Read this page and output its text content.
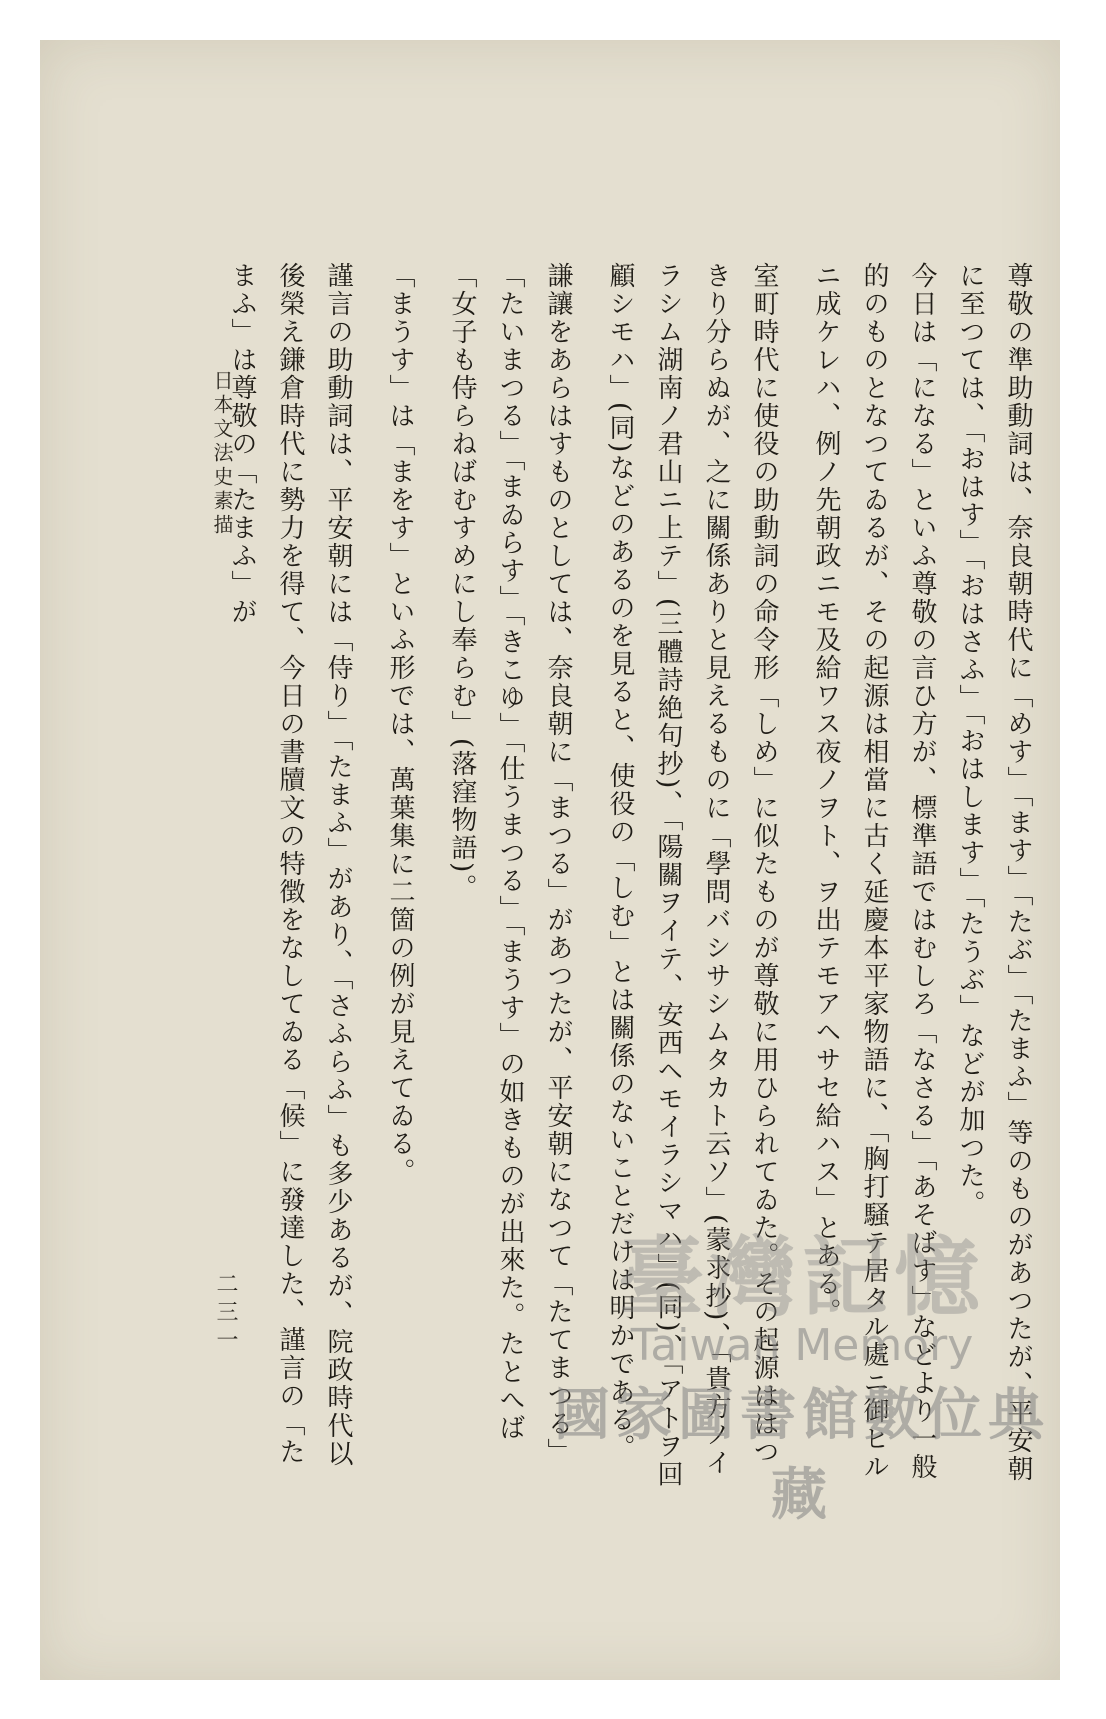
尊敬の準助動詞は、奈良朝時代に「めす」「ます」「たぶ」「たまふ」等のものがあつたが、平安朝に至つては、「おはす」「おはさふ」「おはします」「たうぶ」などが加つた。

今日は「になる」といふ尊敬の言ひ方が、標準語ではむしろ「なさる」「あそばす」などより一般的のものとなつてゐるが、その起源は相當に古く延慶本平家物語に、「胸打騒テ居タル處ニ御ヒルニ成ケレハ、例ノ先朝政ニモ及給ワス夜ノヲト、ヲ出テモアヘサセ給ハス」とある。

室町時代に使役の助動詞の命令形「しめ」に似たものが尊敬に用ひられてゐた。その起源ははつきり分らぬが、之に關係ありと見えるものに「學問バシサシムタカト云ソ」(蒙求抄)、「貴方ノイラシム湖南ノ君山ニ上テ」(三體詩絶句抄)、「陽關ヲイテ、安西ヘモイラシマハ」(同)、「アトヲ回顧シモハ」(同)などのあるのを見ると、使役の「しむ」とは關係のないことだけは明かである。

謙讓をあらはすものとしては、奈良朝に「まつる」があつたが、平安朝になつて「たてまつる」「たいまつる」「まゐらす」「きこゆ」「仕うまつる」「まうす」の如きものが出來た。たとへば「女子も侍らねばむすめにし奉らむ」(落窪物語)。

「まうす」は「まをす」といふ形では、萬葉集に二箇の例が見えてゐる。

謹言の助動詞は、平安朝には「侍り」「たまふ」があり、「さふらふ」も多少あるが、院政時代以後榮え鎌倉時代に勢力を得て、今日の書牘文の特徴をなしてゐる「候」に發達した、謹言の「たまふ」は尊敬の「たまふ」が

日本文法史素描
二三一	臺灣記憶
Taiwan Memory
國家圖書館數位典藏
